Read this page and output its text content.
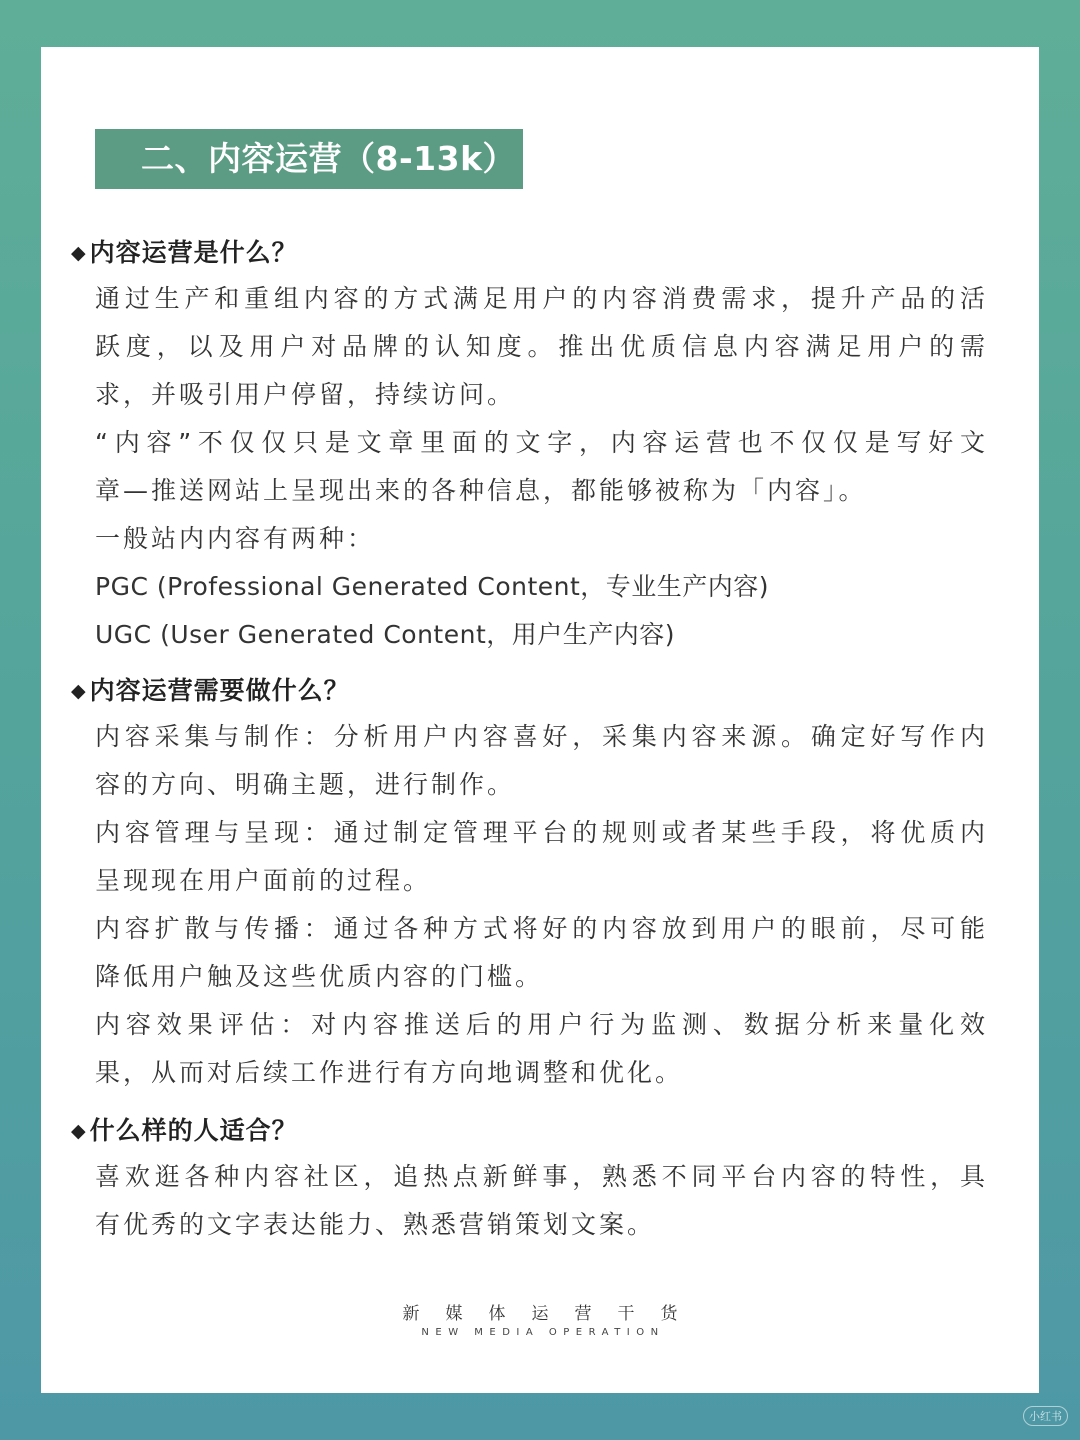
二、内容运营（8-13k）
◆ 内容运营是什么？
通过生产和重组内容的方式满足用户的内容消费需求，提升产品的活
跃度，以及用户对品牌的认知度。推出优质信息内容满足用户的需
求，并吸引用户停留，持续访问。
“内容”不仅仅只是文章里面的文字，内容运营也不仅仅是写好文
章—推送网站上呈现出来的各种信息，都能够被称为「内容」。
一般站内内容有两种：
PGC (Professional Generated Content，专业生产内容)
UGC (User Generated Content，用户生产内容)
◆ 内容运营需要做什么？
内容采集与制作：分析用户内容喜好，采集内容来源。确定好写作内
容的方向、明确主题，进行制作。
内容管理与呈现：通过制定管理平台的规则或者某些手段，将优质内
呈现现在用户面前的过程。
内容扩散与传播：通过各种方式将好的内容放到用户的眼前，尽可能
降低用户触及这些优质内容的门槛。
内容效果评估：对内容推送后的用户行为监测、数据分析来量化效
果，从而对后续工作进行有方向地调整和优化。
◆ 什么样的人适合？
喜欢逛各种内容社区，追热点新鲜事，熟悉不同平台内容的特性，具
有优秀的文字表达能力、熟悉营销策划文案。
新媒体运营干货
NEW MEDIA OPERATION
小红书
